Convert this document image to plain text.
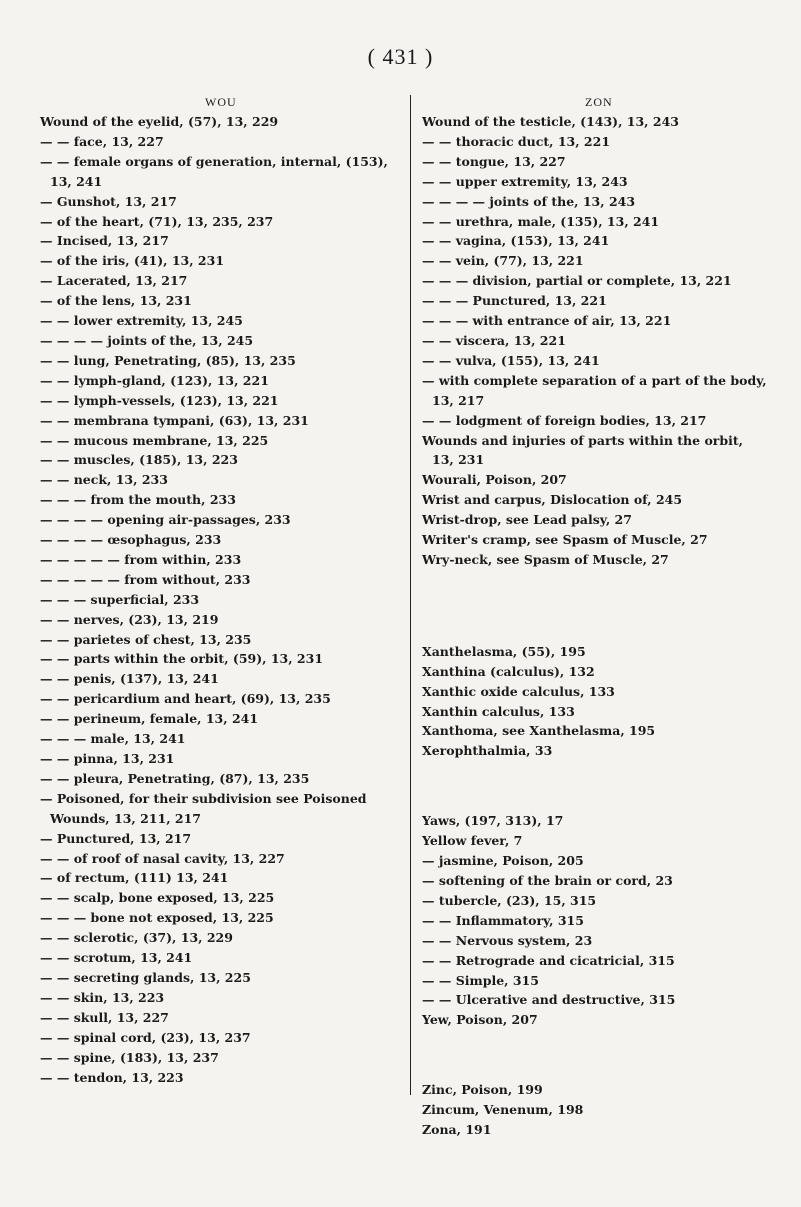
( 431 )
WOU	ZON
Wound of the eyelid, (57), 13, 229
— — face, 13, 227
— — female organs of generation, internal, (153), 13, 241
— Gunshot, 13, 217
— of the heart, (71), 13, 235, 237
— Incised, 13, 217
— of the iris, (41), 13, 231
— Lacerated, 13, 217
— of the lens, 13, 231
— — lower extremity, 13, 245
— — — — joints of the, 13, 245
— — lung, Penetrating, (85), 13, 235
— — lymph-gland, (123), 13, 221
— — lymph-vessels, (123), 13, 221
— — membrana tympani, (63), 13, 231
— — mucous membrane, 13, 225
— — muscles, (185), 13, 223
— — neck, 13, 233
— — — from the mouth, 233
— — — — opening air-passages, 233
— — — — œsophagus, 233
— — — — — from within, 233
— — — — — from without, 233
— — — superficial, 233
— — nerves, (23), 13, 219
— — parietes of chest, 13, 235
— — parts within the orbit, (59), 13, 231
— — penis, (137), 13, 241
— — pericardium and heart, (69), 13, 235
— — perineum, female, 13, 241
— — — male, 13, 241
— — pinna, 13, 231
— — pleura, Penetrating, (87), 13, 235
— Poisoned, for their subdivision see Poisoned Wounds, 13, 211, 217
— Punctured, 13, 217
— — of roof of nasal cavity, 13, 227
— of rectum, (111) 13, 241
— — scalp, bone exposed, 13, 225
— — — bone not exposed, 13, 225
— — sclerotic, (37), 13, 229
— — scrotum, 13, 241
— — secreting glands, 13, 225
— — skin, 13, 223
— — skull, 13, 227
— — spinal cord, (23), 13, 237
— — spine, (183), 13, 237
— — tendon, 13, 223
Wound of the testicle, (143), 13, 243
— — thoracic duct, 13, 221
— — tongue, 13, 227
— — upper extremity, 13, 243
— — — — joints of the, 13, 243
— — urethra, male, (135), 13, 241
— — vagina, (153), 13, 241
— — vein, (77), 13, 221
— — — division, partial or complete, 13, 221
— — — Punctured, 13, 221
— — — with entrance of air, 13, 221
— — viscera, 13, 221
— — vulva, (155), 13, 241
— with complete separation of a part of the body, 13, 217
— — lodgment of foreign bodies, 13, 217
Wounds and injuries of parts within the orbit, 13, 231
Wourali, Poison, 207
Wrist and carpus, Dislocation of, 245
Wrist-drop, see Lead palsy, 27
Writer's cramp, see Spasm of Muscle, 27
Wry-neck, see Spasm of Muscle, 27
Xanthelasma, (55), 195
Xanthina (calculus), 132
Xanthic oxide calculus, 133
Xanthin calculus, 133
Xanthoma, see Xanthelasma, 195
Xerophthalmia, 33
Yaws, (197, 313), 17
Yellow fever, 7
— jasmine, Poison, 205
— softening of the brain or cord, 23
— tubercle, (23), 15, 315
— — Inflammatory, 315
— — Nervous system, 23
— — Retrograde and cicatricial, 315
— — Simple, 315
— — Ulcerative and destructive, 315
Yew, Poison, 207
Zinc, Poison, 199
Zincum, Venenum, 198
Zona, 191
